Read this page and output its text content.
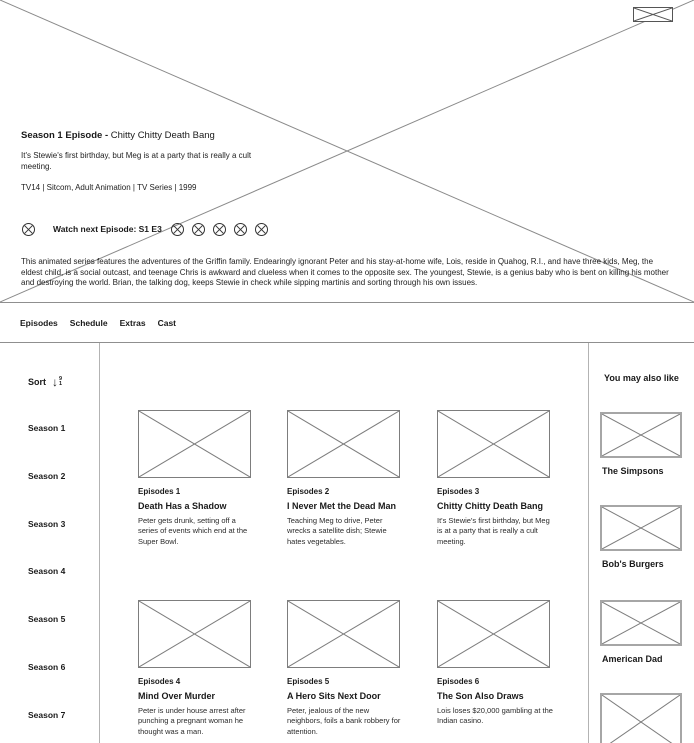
Season 1 Episode - Chitty Chitty Death Bang
It's Stewie's first birthday, but Meg is at a party that is really a cult meeting.
TV14 | Sitcom, Adult Animation | TV Series | 1999
Watch next Episode: S1 E3
This animated series features the adventures of the Griffin family. Endearingly ignorant Peter and his stay-at-home wife, Lois, reside in Quahog, R.I., and have three kids, Meg, the eldest child, is a social outcast, and teenage Chris is awkward and clueless when it comes to the opposite sex. The youngest, Stewie, is a genius baby who is bent on killing his mother and destroying the world. Brian, the talking dog, keeps Stewie in check while sipping martinis and sorting through his own issues.
Episodes Schedule Extras Cast
Sort ↓ 9
1
Season 1
Season 2
Season 3
Season 4
Season 5
Season 6
Season 7
Episodes 1
Death Has a Shadow
Peter gets drunk, setting off a series of events which end at the Super Bowl.
Episodes 2
I Never Met the Dead Man
Teaching Meg to drive, Peter wrecks a satellite dish; Stewie hates vegetables.
Episodes 3
Chitty Chitty Death Bang
It's Stewie's first birthday, but Meg is at a party that is really a cult meeting.
Episodes 4
Mind Over Murder
Peter is under house arrest after punching a pregnant woman he thought was a man.
Episodes 5
A Hero Sits Next Door
Peter, jealous of the new neighbors, foils a bank robbery for attention.
Episodes 6
The Son Also Draws
Lois loses $20,000 gambling at the Indian casino.
You may also like
The Simpsons
Bob's Burgers
American Dad
